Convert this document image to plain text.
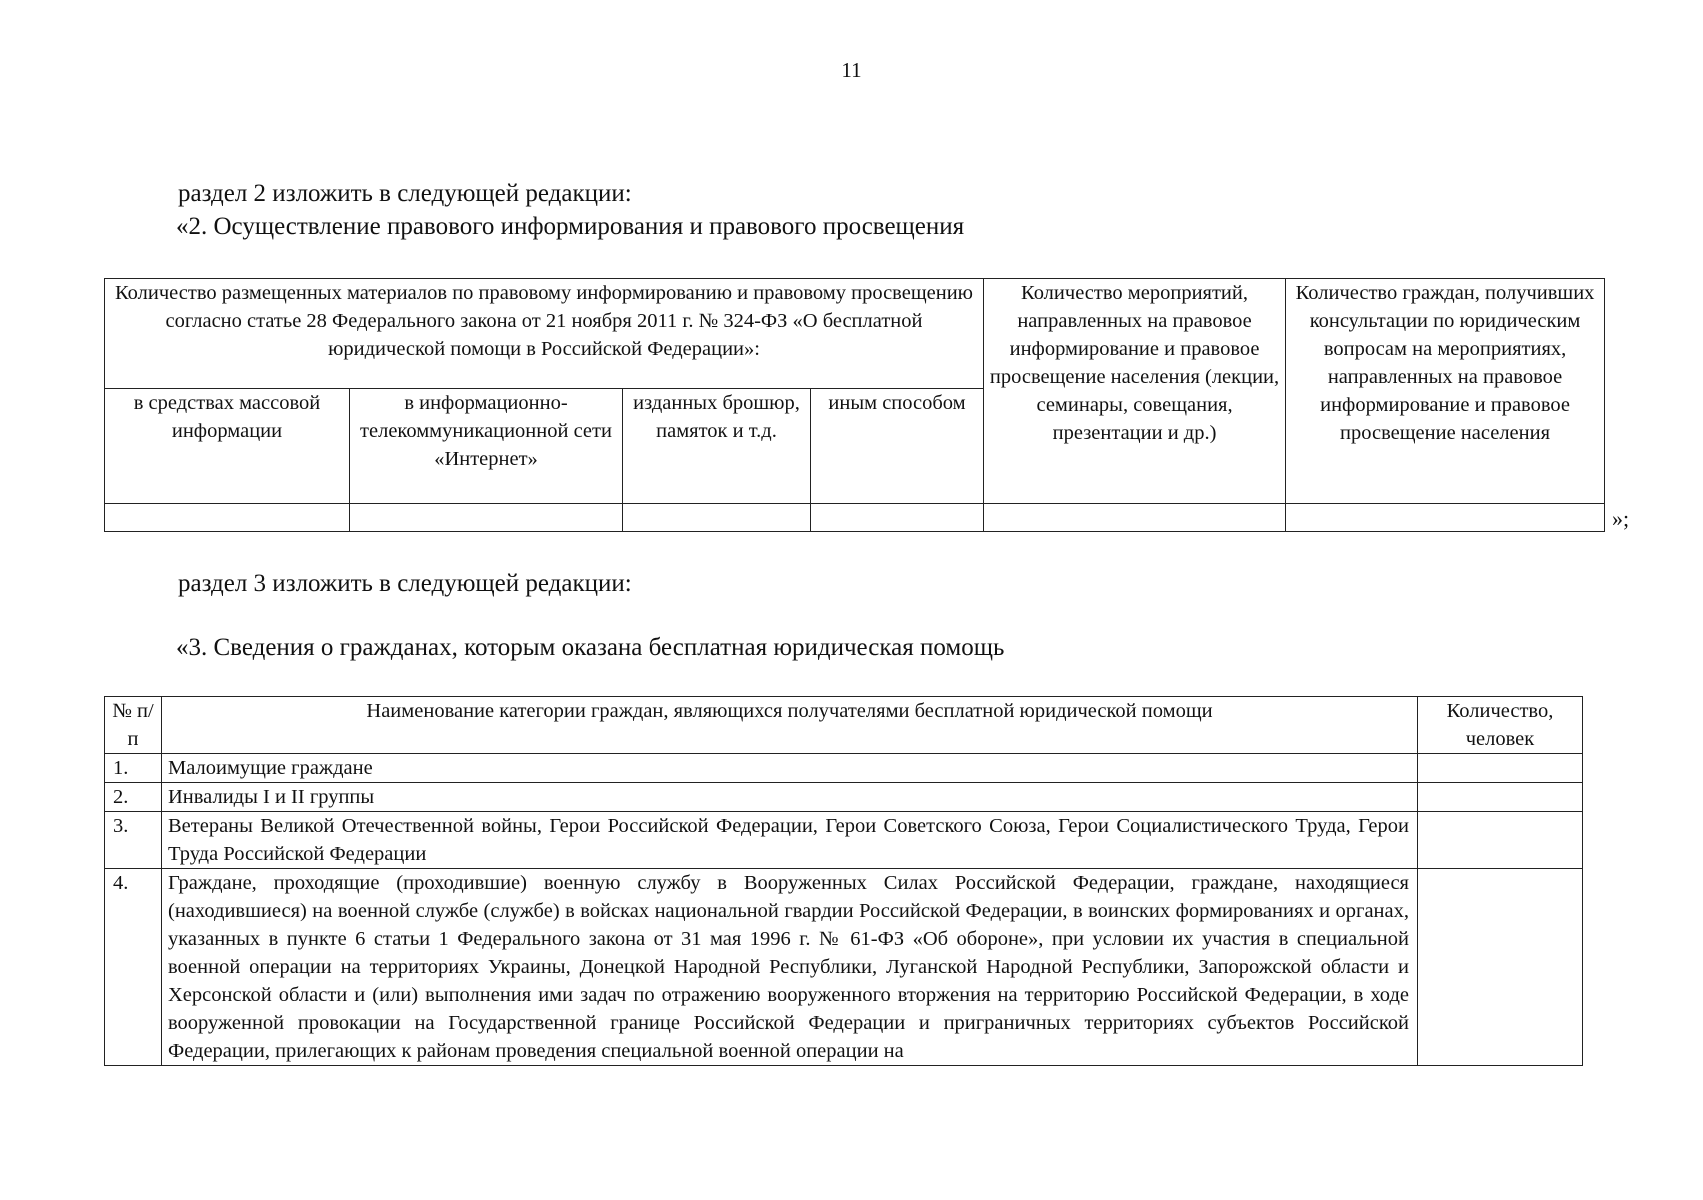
11
раздел 2 изложить в следующей редакции:
«2. Осуществление правового информирования и правового просвещения
Количество размещенных материалов по правовому информированию и правовому просвещению согласно статье 28 Федерального закона от 21 ноября 2011 г. № 324-ФЗ «О бесплатной юридической помощи в Российской Федерации»:				Количество мероприятий, направленных на правовое информирование и правовое просвещение населения (лекции, семинары, совещания, презентации и др.)	Количество граждан, получивших консультации по юридическим вопросам на мероприятиях, направленных на правовое информирование и правовое просвещение населения
в средствах массовой информации	в информационно-телекоммуникационной сети «Интернет»	изданных брошюр, памяток и т.д.	иным способом		

»;
раздел 3 изложить в следующей редакции:
«3. Сведения о гражданах, которым оказана бесплатная юридическая помощь
№ п/п	Наименование категории граждан, являющихся получателями бесплатной юридической помощи	Количество, человек
1.	Малоимущие граждане	
2.	Инвалиды I и II группы	
3.	Ветераны Великой Отечественной войны, Герои Российской Федерации, Герои Советского Союза, Герои Социалистического Труда, Герои Труда Российской Федерации	
4.	Граждане, проходящие (проходившие) военную службу в Вооруженных Силах Российской Федерации, граждане, находящиеся (находившиеся) на военной службе (службе) в войсках национальной гвардии Российской Федерации, в воинских формированиях и органах, указанных в пункте 6 статьи 1 Федерального закона от 31 мая 1996 г. № 61-ФЗ «Об обороне», при условии их участия в специальной военной операции на территориях Украины, Донецкой Народной Республики, Луганской Народной Республики, Запорожской области и Херсонской области и (или) выполнения ими задач по отражению вооруженного вторжения на территорию Российской Федерации, в ходе вооруженной провокации на Государственной границе Российской Федерации и приграничных территориях субъектов Российской Федерации, прилегающих к районам проведения специальной военной операции на	
